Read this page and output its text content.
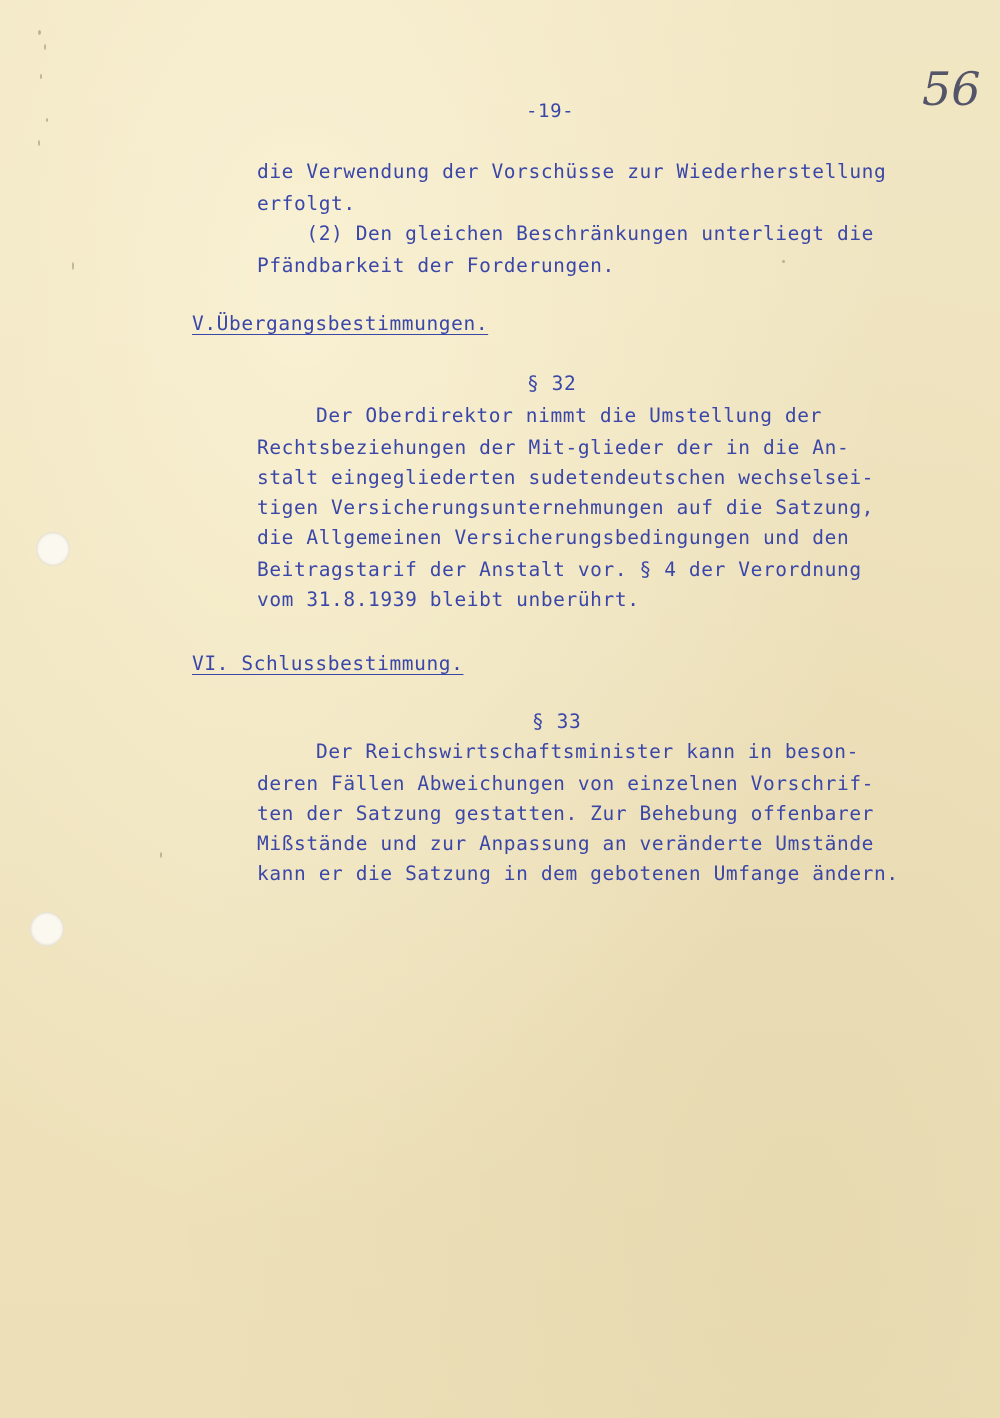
-19-	56

die Verwendung der Vorschüsse zur Wiederherstellung

erfolgt.

(2) Den gleichen Beschränkungen unterliegt die

Pfändbarkeit der Forderungen.

V.Übergangsbestimmungen.

§ 32

Der Oberdirektor nimmt die Umstellung der

Rechtsbeziehungen der Mit-glieder der in die An-

stalt eingegliederten sudetendeutschen wechselsei-

tigen Versicherungsunternehmungen auf die Satzung,

die Allgemeinen Versicherungsbedingungen und den

Beitragstarif der Anstalt vor. § 4 der Verordnung

vom 31.8.1939 bleibt unberührt.

VI. Schlussbestimmung.

§ 33

Der Reichswirtschaftsminister kann in beson-

deren Fällen Abweichungen von einzelnen Vorschrif-

ten der Satzung gestatten. Zur Behebung offenbarer

Mißstände und zur Anpassung an veränderte Umstände

kann er die Satzung in dem gebotenen Umfange ändern.
